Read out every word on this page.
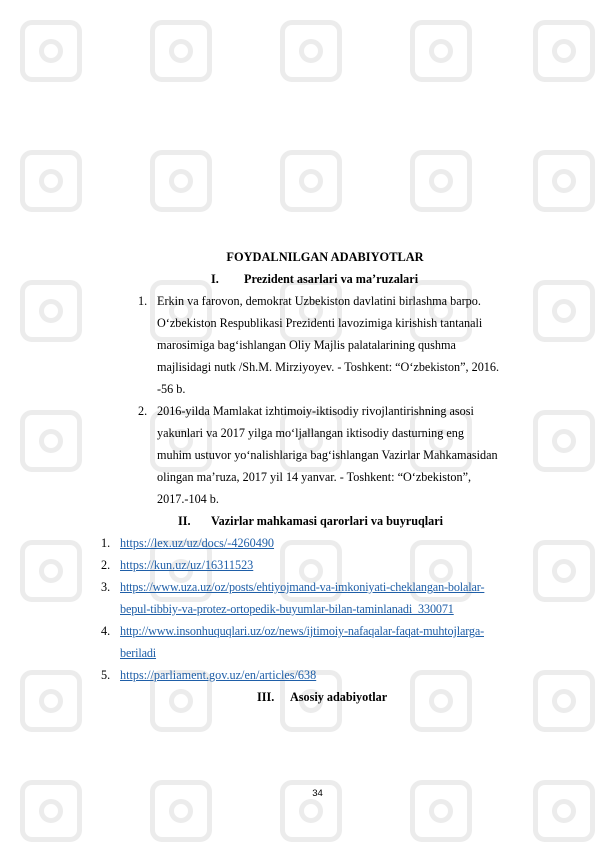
FOYDALNILGAN ADABIYOTLAR
I. Prezident asarlari va ma’ruzalari
1. Erkin va farovon, demokrat Uzbekiston davlatini birlashma barpo.
O‘zbekiston Respublikasi Prezidenti lavozimiga kirishish tantanali
marosimiga bag‘ishlangan Oliy Majlis palatalarining qushma
majlisidagi nutk /Sh.M. Mirziyoyev. - Toshkent: “O‘zbekiston”, 2016.
-56 b.
2. 2016-yilda Mamlakat izhtimoiy-iktisodiy rivojlantirishning asosi
yakunlari va 2017 yilga mo‘ljallangan iktisodiy dasturning eng
muhim ustuvor yo‘nalishlariga bag‘ishlangan Vazirlar Mahkamasidan
olingan ma’ruza, 2017 yil 14 yanvar. - Toshkent: “O‘zbekiston”,
2017.-104 b.
II. Vazirlar mahkamasi qarorlari va buyruqlari
1. https://lex.uz/uz/docs/-4260490
2. https://kun.uz/uz/16311523
3. https://www.uza.uz/oz/posts/ehtiyojmand-va-imkoniyati-cheklangan-bolalar-
bepul-tibbiy-va-protez-ortopedik-buyumlar-bilan-taminlanadi_330071
4. http://www.insonhuquqlari.uz/oz/news/ijtimoiy-nafaqalar-faqat-muhtojlarga-
beriladi
5. https://parliament.gov.uz/en/articles/638
III. Asosiy adabiyotlar
34
